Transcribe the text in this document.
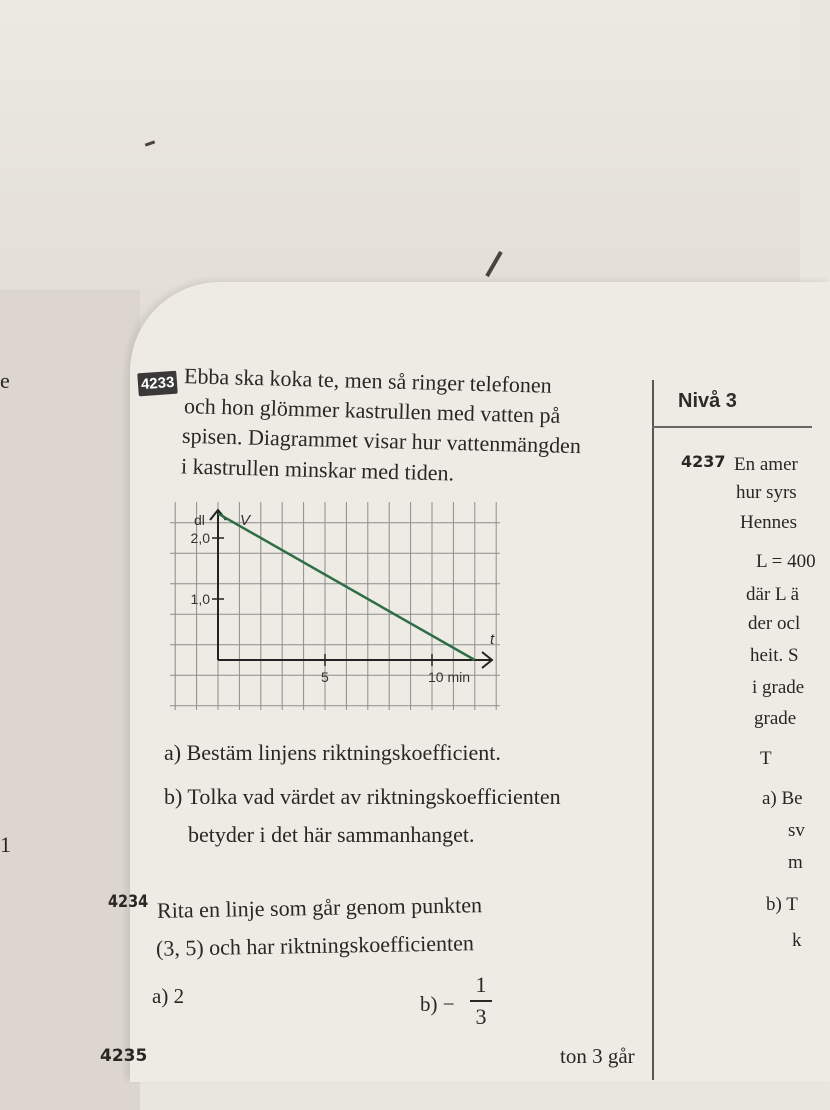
e
1
4233 Ebba ska koka te, men så ringer telefonen
och hon glömmer kastrullen med vatten på
spisen. Diagrammet visar hur vattenmängden
i kastrullen minskar med tiden.
dl V
t
1,0
2,0
5	10 min
a) Bestäm linjens riktningskoefficient.
b) Tolka vad värdet av riktningskoefficienten
betyder i det här sammanhanget.
4234 Rita en linje som går genom punkten
(3, 5) och har riktningskoefficienten
a) 2	b) −
1
3
4235	ton 3 går
Nivå 3
4237 En amer
hur syrs
Hennes
L = 400
där L ä
der ocl
heit. S
i grade
grade
T
a) Be
sv
m
b) T
k
